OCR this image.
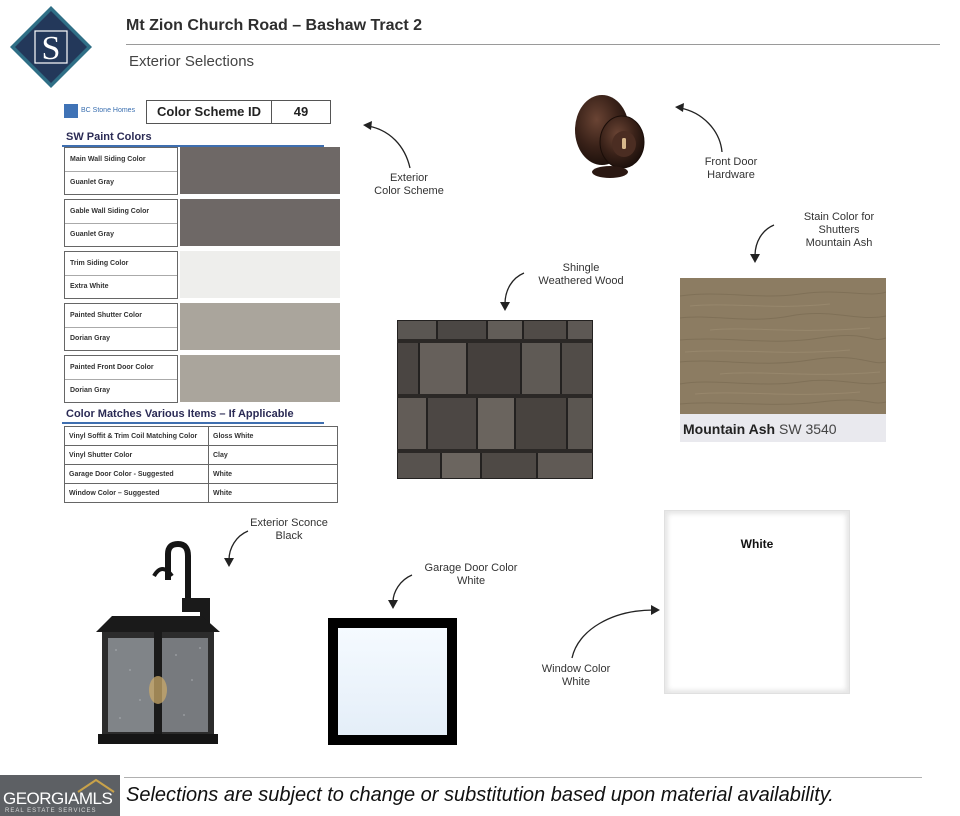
S
Mt Zion Church Road – Bashaw Tract 2
Exterior Selections
BC Stone Homes	Color Scheme ID	49
SW Paint Colors
Main Wall Siding Color
Guanlet Gray
Gable Wall Siding Color
Guanlet Gray
Trim Siding Color
Extra White
Painted Shutter Color
Dorian Gray
Painted Front Door Color
Dorian Gray
Color Matches Various Items – If Applicable
Vinyl Soffit & Trim Coil Matching Color	Gloss White
Vinyl Shutter Color	Clay
Garage Door Color - Suggested	White
Window Color – Suggested	White
Exterior
Color Scheme
Front Door
Hardware
Stain Color for
Shutters
Mountain Ash
Mountain Ash SW 3540
Shingle
Weathered Wood
Exterior Sconce
Black
Garage Door Color
White
White
Window Color
White
GEORGIAMLS
REAL ESTATE SERVICES
Selections are subject to change or substitution based upon material availability.
